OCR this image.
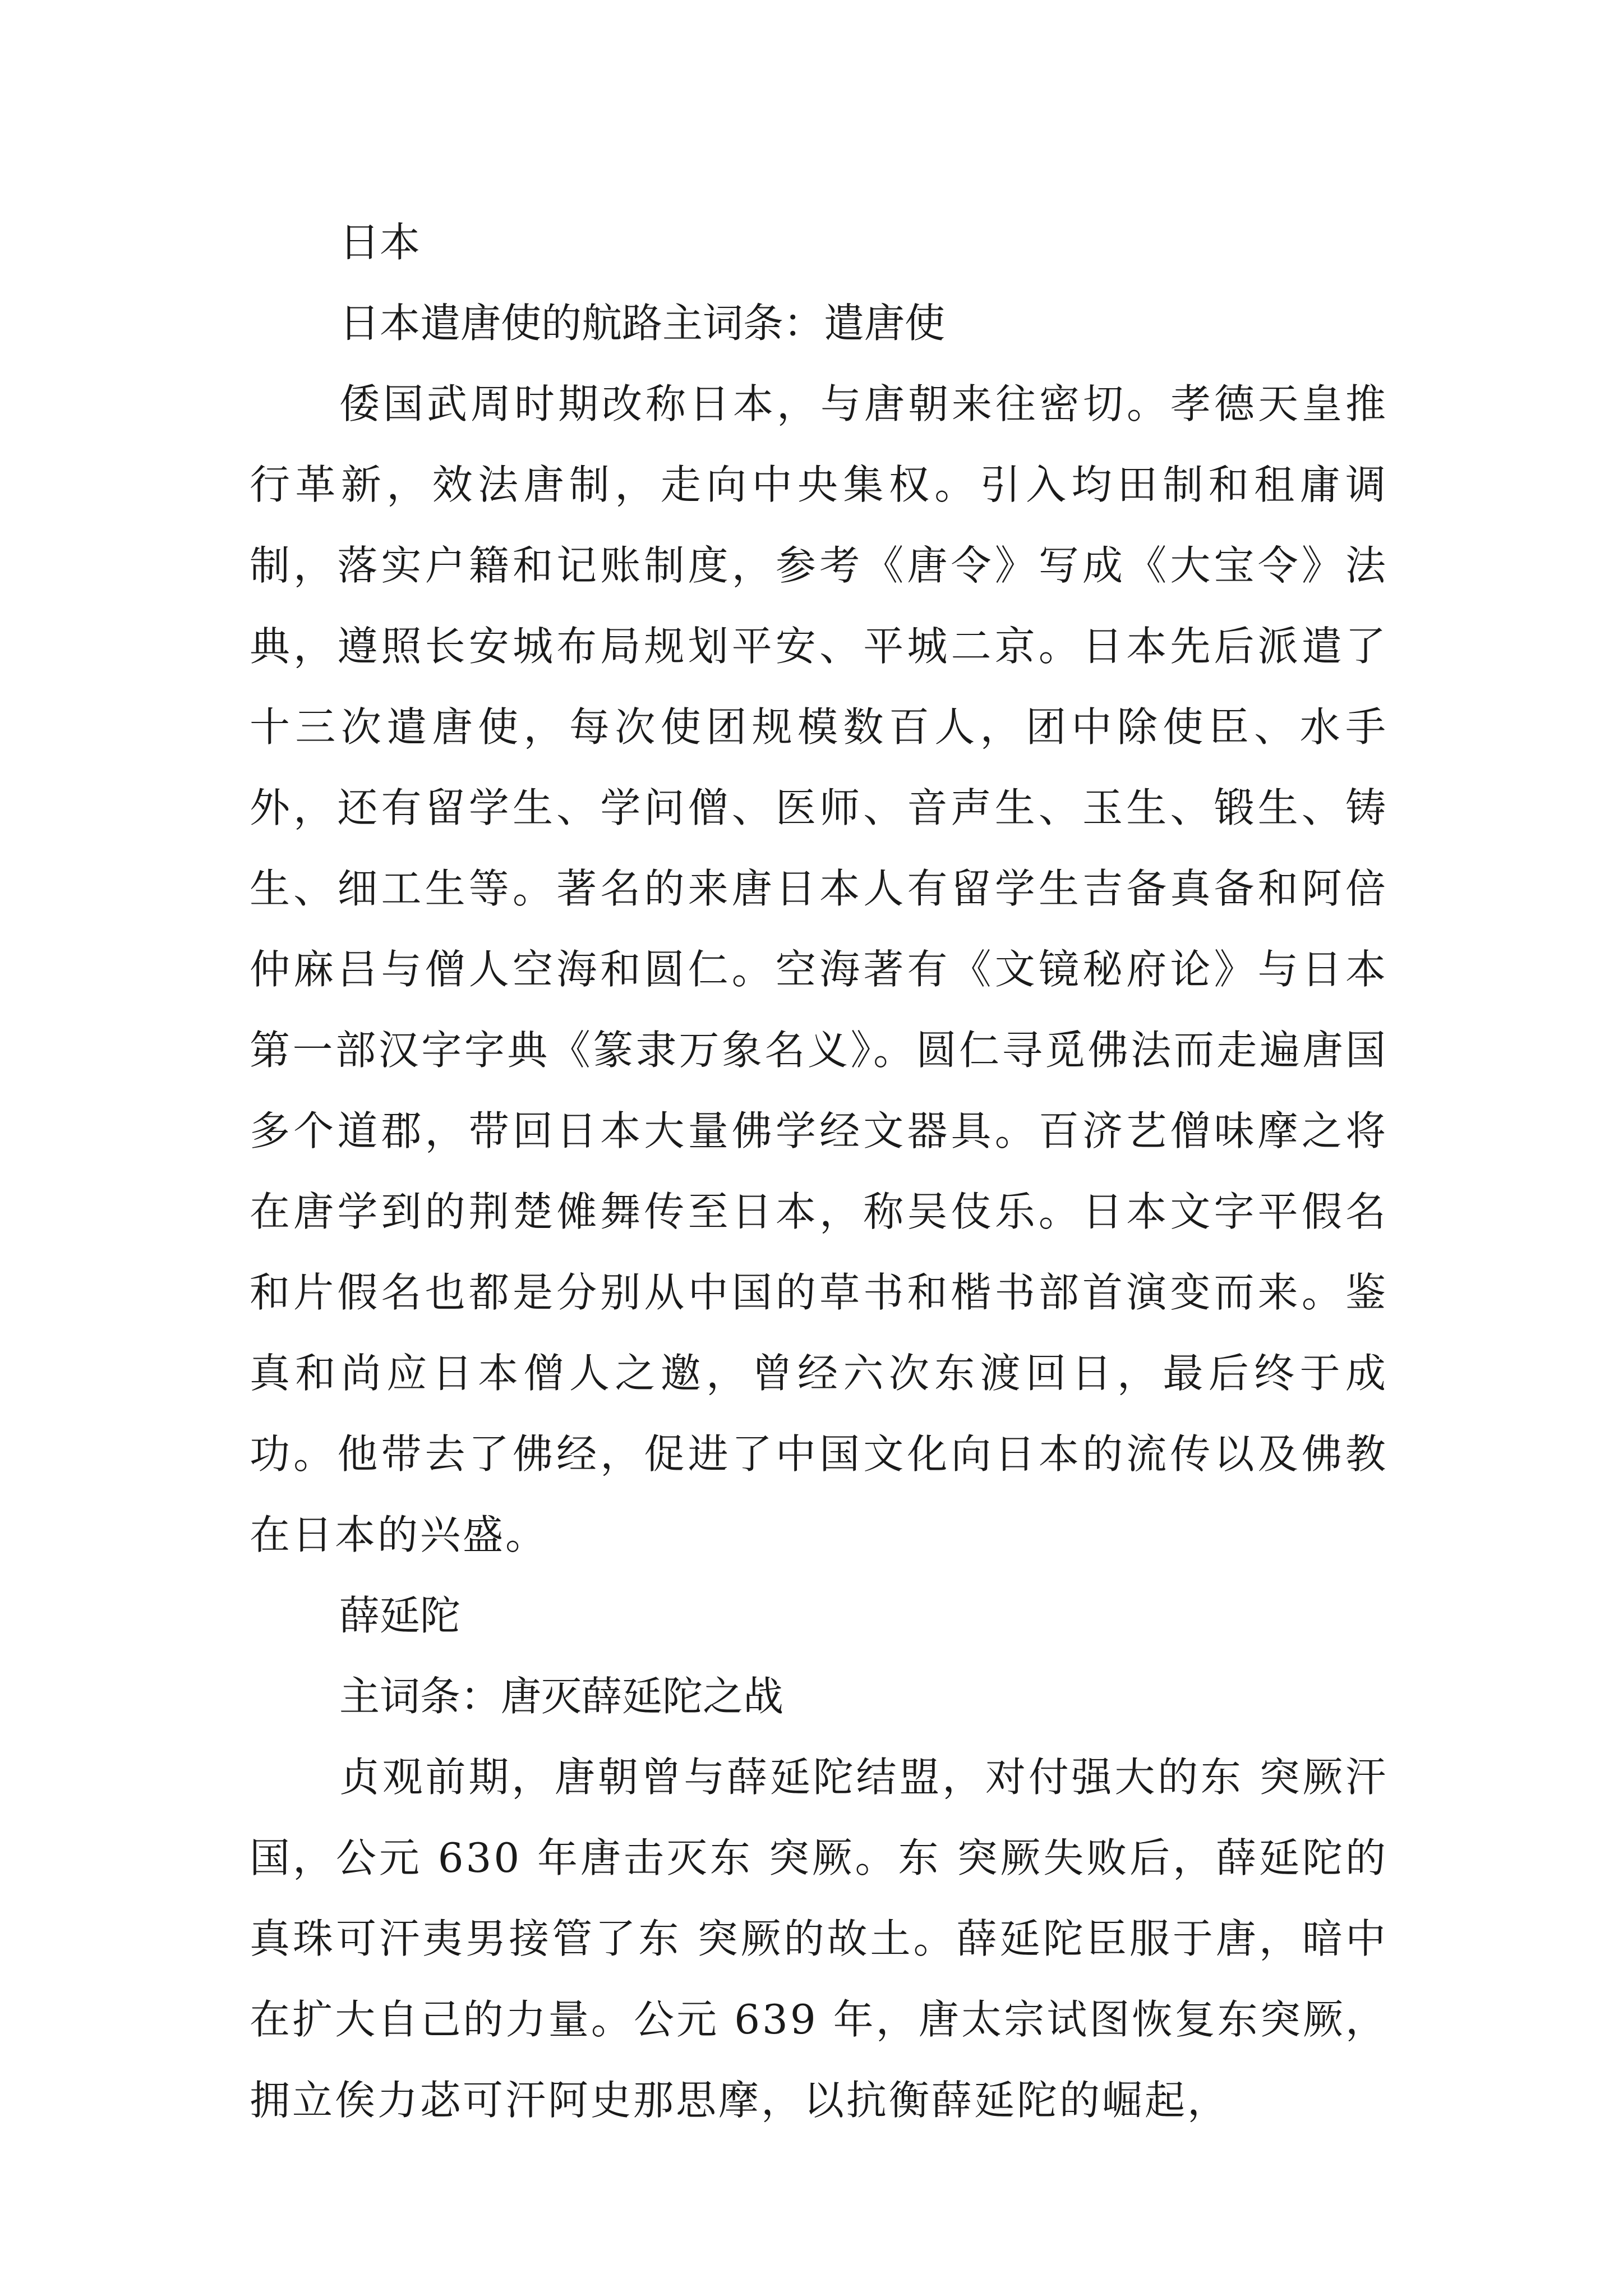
日本

日本遣唐使的航路主词条：遣唐使

倭国武周时期改称日本，与唐朝来往密切。孝德天皇推行革新，效法唐制，走向中央集权。引入均田制和租庸调制，落实户籍和记账制度，参考《唐令》写成《大宝令》法典，遵照长安城布局规划平安、平城二京。日本先后派遣了十三次遣唐使，每次使团规模数百人，团中除使臣、水手外，还有留学生、学问僧、医师、音声生、玉生、锻生、铸生、细工生等。著名的来唐日本人有留学生吉备真备和阿倍仲麻吕与僧人空海和圆仁。空海著有《文镜秘府论》与日本第一部汉字字典《篆隶万象名义》。圆仁寻觅佛法而走遍唐国多个道郡，带回日本大量佛学经文器具。百济艺僧味摩之将在唐学到的荆楚傩舞传至日本，称吴伎乐。日本文字平假名和片假名也都是分别从中国的草书和楷书部首演变而来。鉴真和尚应日本僧人之邀，曾经六次东渡回日，最后终于成功。他带去了佛经，促进了中国文化向日本的流传以及佛教在日本的兴盛。

薛延陀

主词条：唐灭薛延陀之战

贞观前期，唐朝曾与薛延陀结盟，对付强大的东 突厥汗国，公元 630 年唐击灭东 突厥。东 突厥失败后，薛延陀的真珠可汗夷男接管了东 突厥的故土。薛延陀臣服于唐，暗中在扩大自己的力量。公元 639 年，唐太宗试图恢复东突厥，拥立俟力苾可汗阿史那思摩，以抗衡薛延陀的崛起，
